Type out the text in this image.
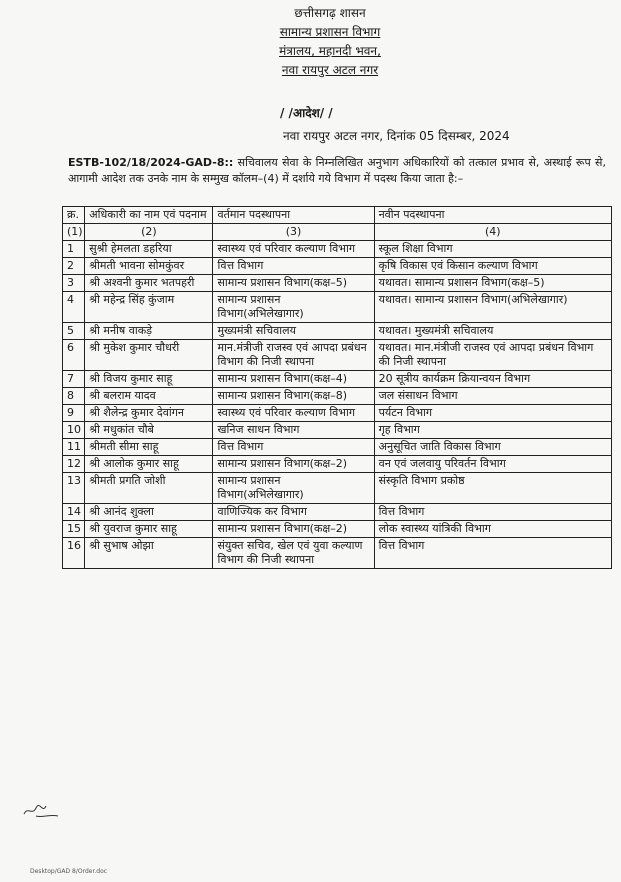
छत्तीसगढ़ शासन
सामान्य प्रशासन विभाग
मंत्रालय, महानदी भवन,
नवा रायपुर अटल नगर
/ /आदेश/ /
नवा रायपुर अटल नगर, दिनांक 05 दिसम्बर, 2024
ESTB-102/18/2024-GAD-8:: सचिवालय सेवा के निम्नलिखित अनुभाग अधिकारियों को तत्काल प्रभाव से, अस्थाई रूप से, आगामी आदेश तक उनके नाम के सम्मुख कॉलम–(4) में दर्शाये गये विभाग में पदस्थ किया जाता है:–
क्र.	अधिकारी का नाम एवं पदनाम	वर्तमान पदस्थापना	नवीन पदस्थापना
(1)	(2)	(3)	(4)
1	सुश्री हेमलता डहरिया	स्वास्थ्य एवं परिवार कल्याण विभाग	स्कूल शिक्षा विभाग
2	श्रीमती भावना सोमकुंवर	वित्त विभाग	कृषि विकास एवं किसान कल्याण विभाग
3	श्री अश्वनी कुमार भतपहरी	सामान्य प्रशासन विभाग(कक्ष–5)	यथावत। सामान्य प्रशासन विभाग(कक्ष–5)
4	श्री महेन्द्र सिंह कुंजाम	सामान्य प्रशासन विभाग(अभिलेखागार)	यथावत। सामान्य प्रशासन विभाग(अभिलेखागार)
5	श्री मनीष वाकड़े	मुख्यमंत्री सचिवालय	यथावत। मुख्यमंत्री सचिवालय
6	श्री मुकेश कुमार चौधरी	मान.मंत्रीजी राजस्व एवं आपदा प्रबंधन विभाग की निजी स्थापना	यथावत। मान.मंत्रीजी राजस्व एवं आपदा प्रबंधन विभाग की निजी स्थापना
7	श्री विजय कुमार साहू	सामान्य प्रशासन विभाग(कक्ष–4)	20 सूत्रीय कार्यक्रम क्रियान्वयन विभाग
8	श्री बलराम यादव	सामान्य प्रशासन विभाग(कक्ष–8)	जल संसाधन विभाग
9	श्री शैलेन्द्र कुमार देवांगन	स्वास्थ्य एवं परिवार कल्याण विभाग	पर्यटन विभाग
10	श्री मधुकांत चौबे	खनिज साधन विभाग	गृह विभाग
11	श्रीमती सीमा साहू	वित्त विभाग	अनुसूचित जाति विकास विभाग
12	श्री आलोक कुमार साहू	सामान्य प्रशासन विभाग(कक्ष–2)	वन एवं जलवायु परिवर्तन विभाग
13	श्रीमती प्रगति जोशी	सामान्य प्रशासन विभाग(अभिलेखागार)	संस्कृति विभाग प्रकोष्ठ
14	श्री आनंद शुक्ला	वाणिज्यिक कर विभाग	वित्त विभाग
15	श्री युवराज कुमार साहू	सामान्य प्रशासन विभाग(कक्ष–2)	लोक स्वास्थ्य यांत्रिकी विभाग
16	श्री सुभाष ओझा	संयुक्त सचिव, खेल एवं युवा कल्याण विभाग की निजी स्थापना	वित्त विभाग
Desktop/GAD 8/Order.doc
